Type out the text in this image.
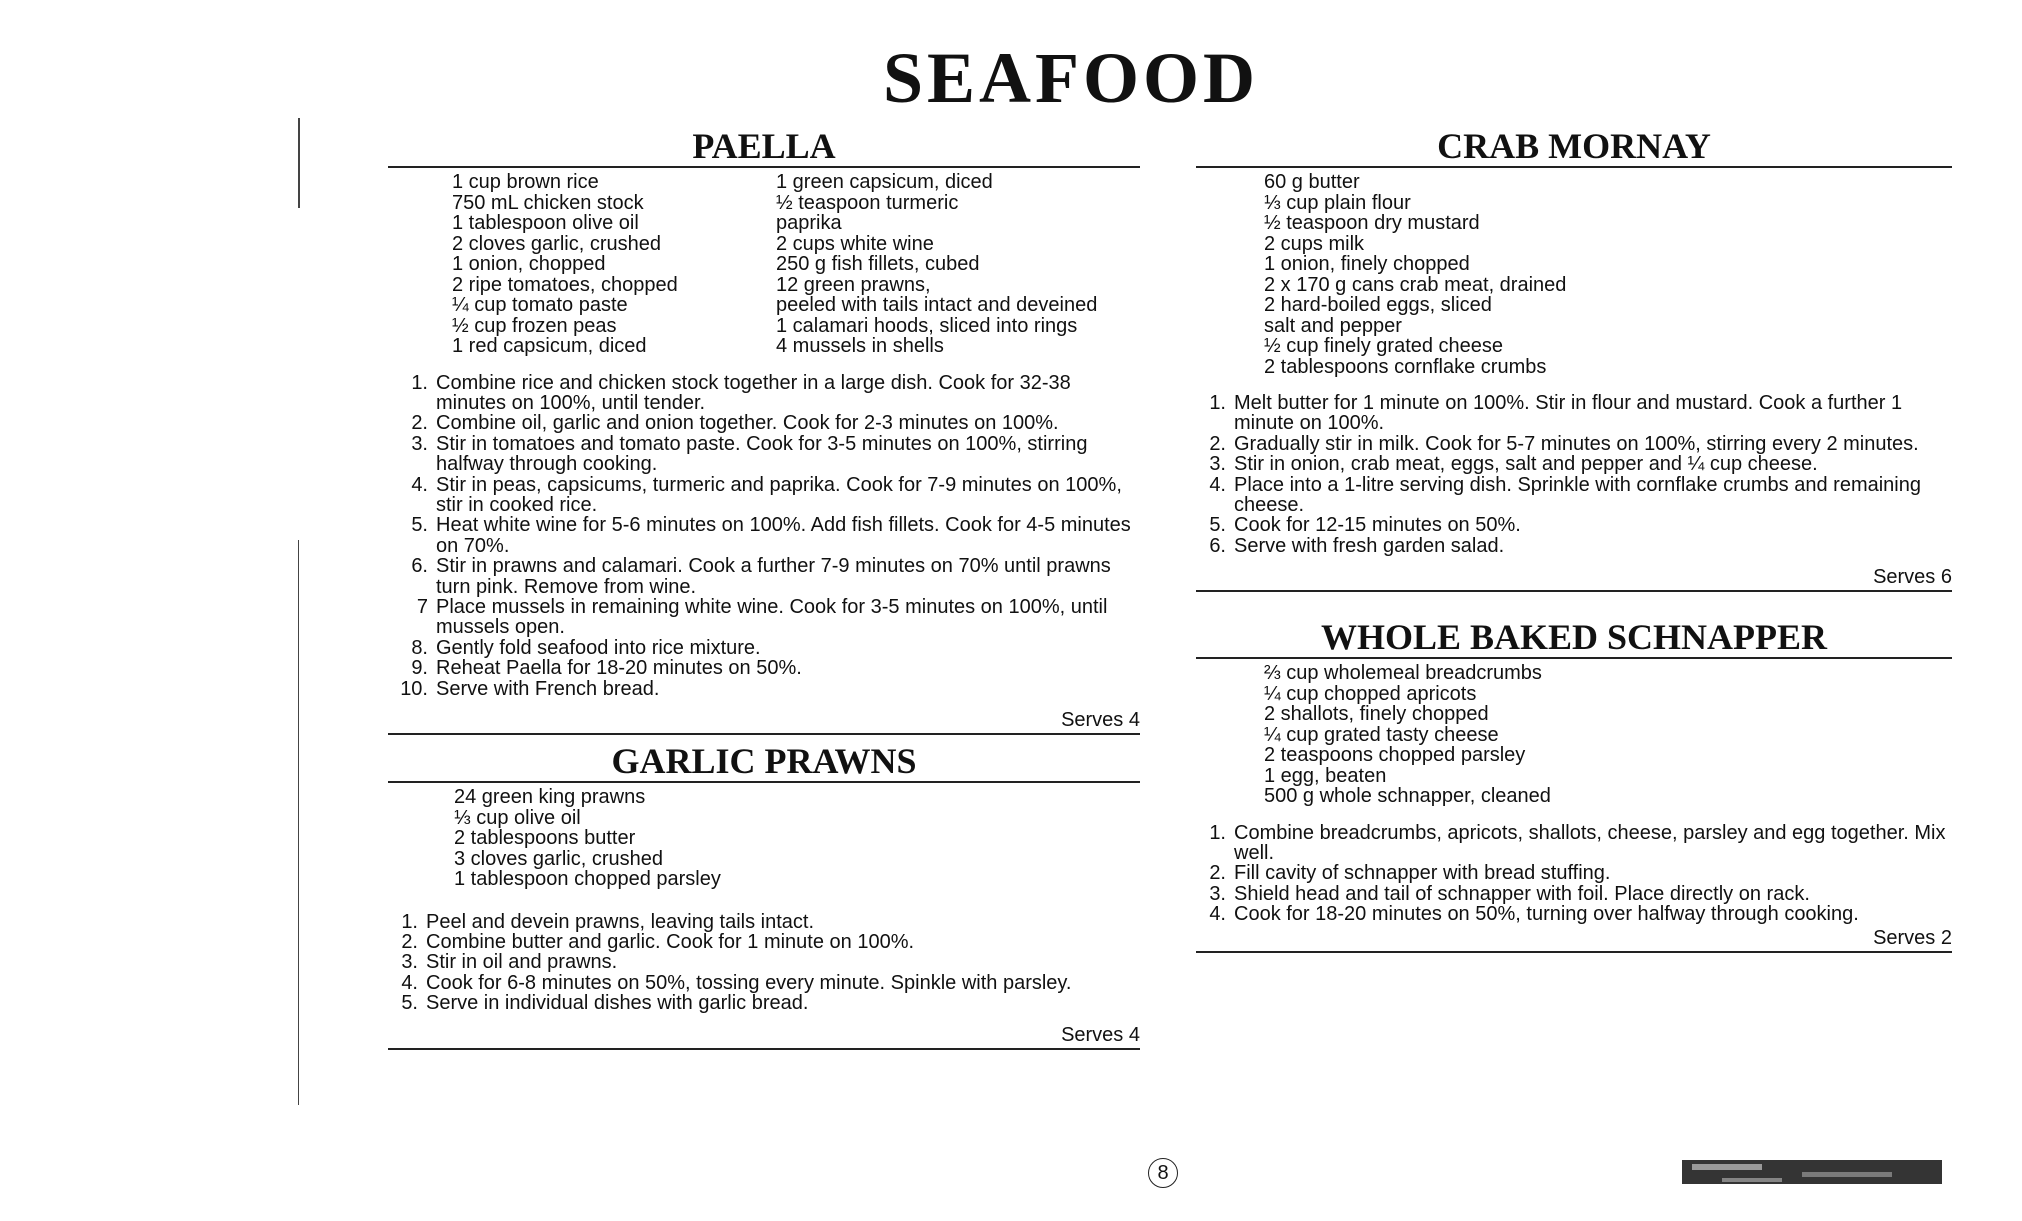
SEAFOOD
PAELLA
1 cup brown rice
750 mL chicken stock
1 tablespoon olive oil
2 cloves garlic, crushed
1 onion, chopped
2 ripe tomatoes, chopped
¼ cup tomato paste
½ cup frozen peas
1 red capsicum, diced
1 green capsicum, diced
½ teaspoon turmeric
paprika
2 cups white wine
250 g fish fillets, cubed
12 green prawns,
peeled with tails intact and deveined
1 calamari hoods, sliced into rings
4 mussels in shells
1. Combine rice and chicken stock together in a large dish. Cook for 32-38 minutes on 100%, until tender.
2. Combine oil, garlic and onion together. Cook for 2-3 minutes on 100%.
3. Stir in tomatoes and tomato paste. Cook for 3-5 minutes on 100%, stirring halfway through cooking.
4. Stir in peas, capsicums, turmeric and paprika. Cook for 7-9 minutes on 100%, stir in cooked rice.
5. Heat white wine for 5-6 minutes on 100%. Add fish fillets. Cook for 4-5 minutes on 70%.
6. Stir in prawns and calamari. Cook a further 7-9 minutes on 70% until prawns turn pink. Remove from wine.
7 Place mussels in remaining white wine. Cook for 3-5 minutes on 100%, until mussels open.
8. Gently fold seafood into rice mixture.
9. Reheat Paella for 18-20 minutes on 50%.
10. Serve with French bread.
Serves 4
GARLIC PRAWNS
24 green king prawns
⅓ cup olive oil
2 tablespoons butter
3 cloves garlic, crushed
1 tablespoon chopped parsley
1. Peel and devein prawns, leaving tails intact.
2. Combine butter and garlic. Cook for 1 minute on 100%.
3. Stir in oil and prawns.
4. Cook for 6-8 minutes on 50%, tossing every minute. Spinkle with parsley.
5. Serve in individual dishes with garlic bread.
Serves 4
CRAB MORNAY
60 g butter
⅓ cup plain flour
½ teaspoon dry mustard
2 cups milk
1 onion, finely chopped
2 x 170 g cans crab meat, drained
2 hard-boiled eggs, sliced
salt and pepper
½ cup finely grated cheese
2 tablespoons cornflake crumbs
1. Melt butter for 1 minute on 100%. Stir in flour and mustard. Cook a further 1 minute on 100%.
2. Gradually stir in milk. Cook for 5-7 minutes on 100%, stirring every 2 minutes.
3. Stir in onion, crab meat, eggs, salt and pepper and ¼ cup cheese.
4. Place into a 1-litre serving dish. Sprinkle with cornflake crumbs and remaining cheese.
5. Cook for 12-15 minutes on 50%.
6. Serve with fresh garden salad.
Serves 6
WHOLE BAKED SCHNAPPER
⅔ cup wholemeal breadcrumbs
¼ cup chopped apricots
2 shallots, finely chopped
¼ cup grated tasty cheese
2 teaspoons chopped parsley
1 egg, beaten
500 g whole schnapper, cleaned
1. Combine breadcrumbs, apricots, shallots, cheese, parsley and egg together. Mix well.
2. Fill cavity of schnapper with bread stuffing.
3. Shield head and tail of schnapper with foil. Place directly on rack.
4. Cook for 18-20 minutes on 50%, turning over halfway through cooking.
Serves 2
8
